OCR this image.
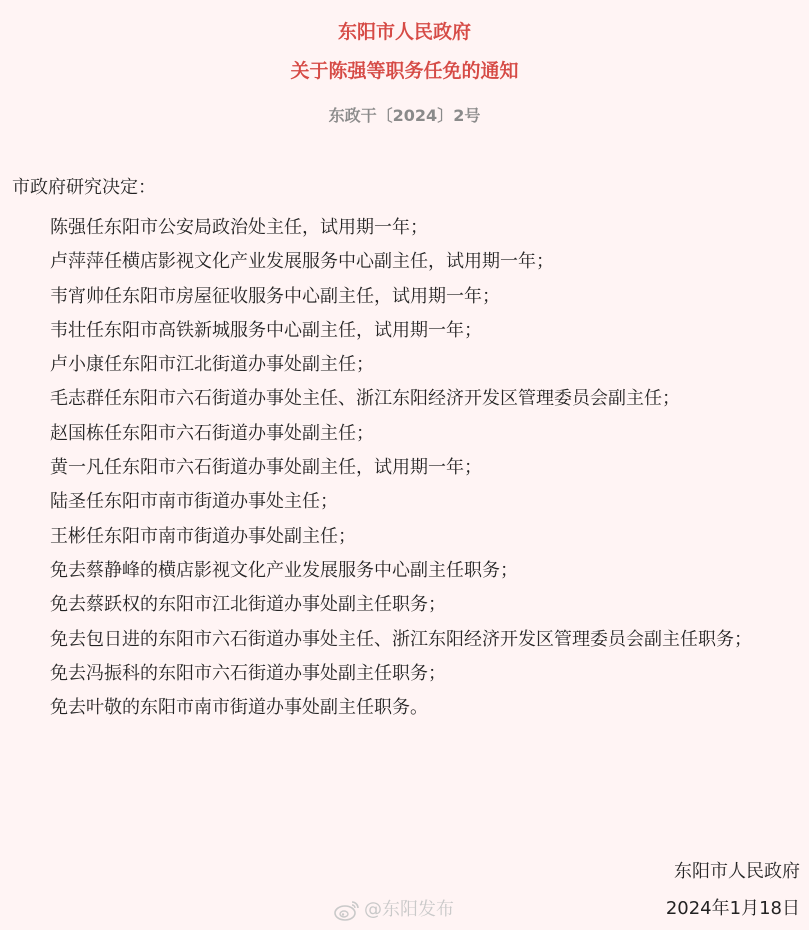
东阳市人民政府
关于陈强等职务任免的通知
东政干〔2024〕2号
市政府研究决定：
陈强任东阳市公安局政治处主任，试用期一年；
卢萍萍任横店影视文化产业发展服务中心副主任，试用期一年；
韦宵帅任东阳市房屋征收服务中心副主任，试用期一年；
韦壮任东阳市高铁新城服务中心副主任，试用期一年；
卢小康任东阳市江北街道办事处副主任；
毛志群任东阳市六石街道办事处主任、浙江东阳经济开发区管理委员会副主任；
赵国栋任东阳市六石街道办事处副主任；
黄一凡任东阳市六石街道办事处副主任，试用期一年；
陆圣任东阳市南市街道办事处主任；
王彬任东阳市南市街道办事处副主任；
免去蔡静峰的横店影视文化产业发展服务中心副主任职务；
免去蔡跃权的东阳市江北街道办事处副主任职务；
免去包日进的东阳市六石街道办事处主任、浙江东阳经济开发区管理委员会副主任职务；
免去冯振科的东阳市六石街道办事处副主任职务；
免去叶敬的东阳市南市街道办事处副主任职务。
东阳市人民政府
@东阳发布	2024年1月18日
